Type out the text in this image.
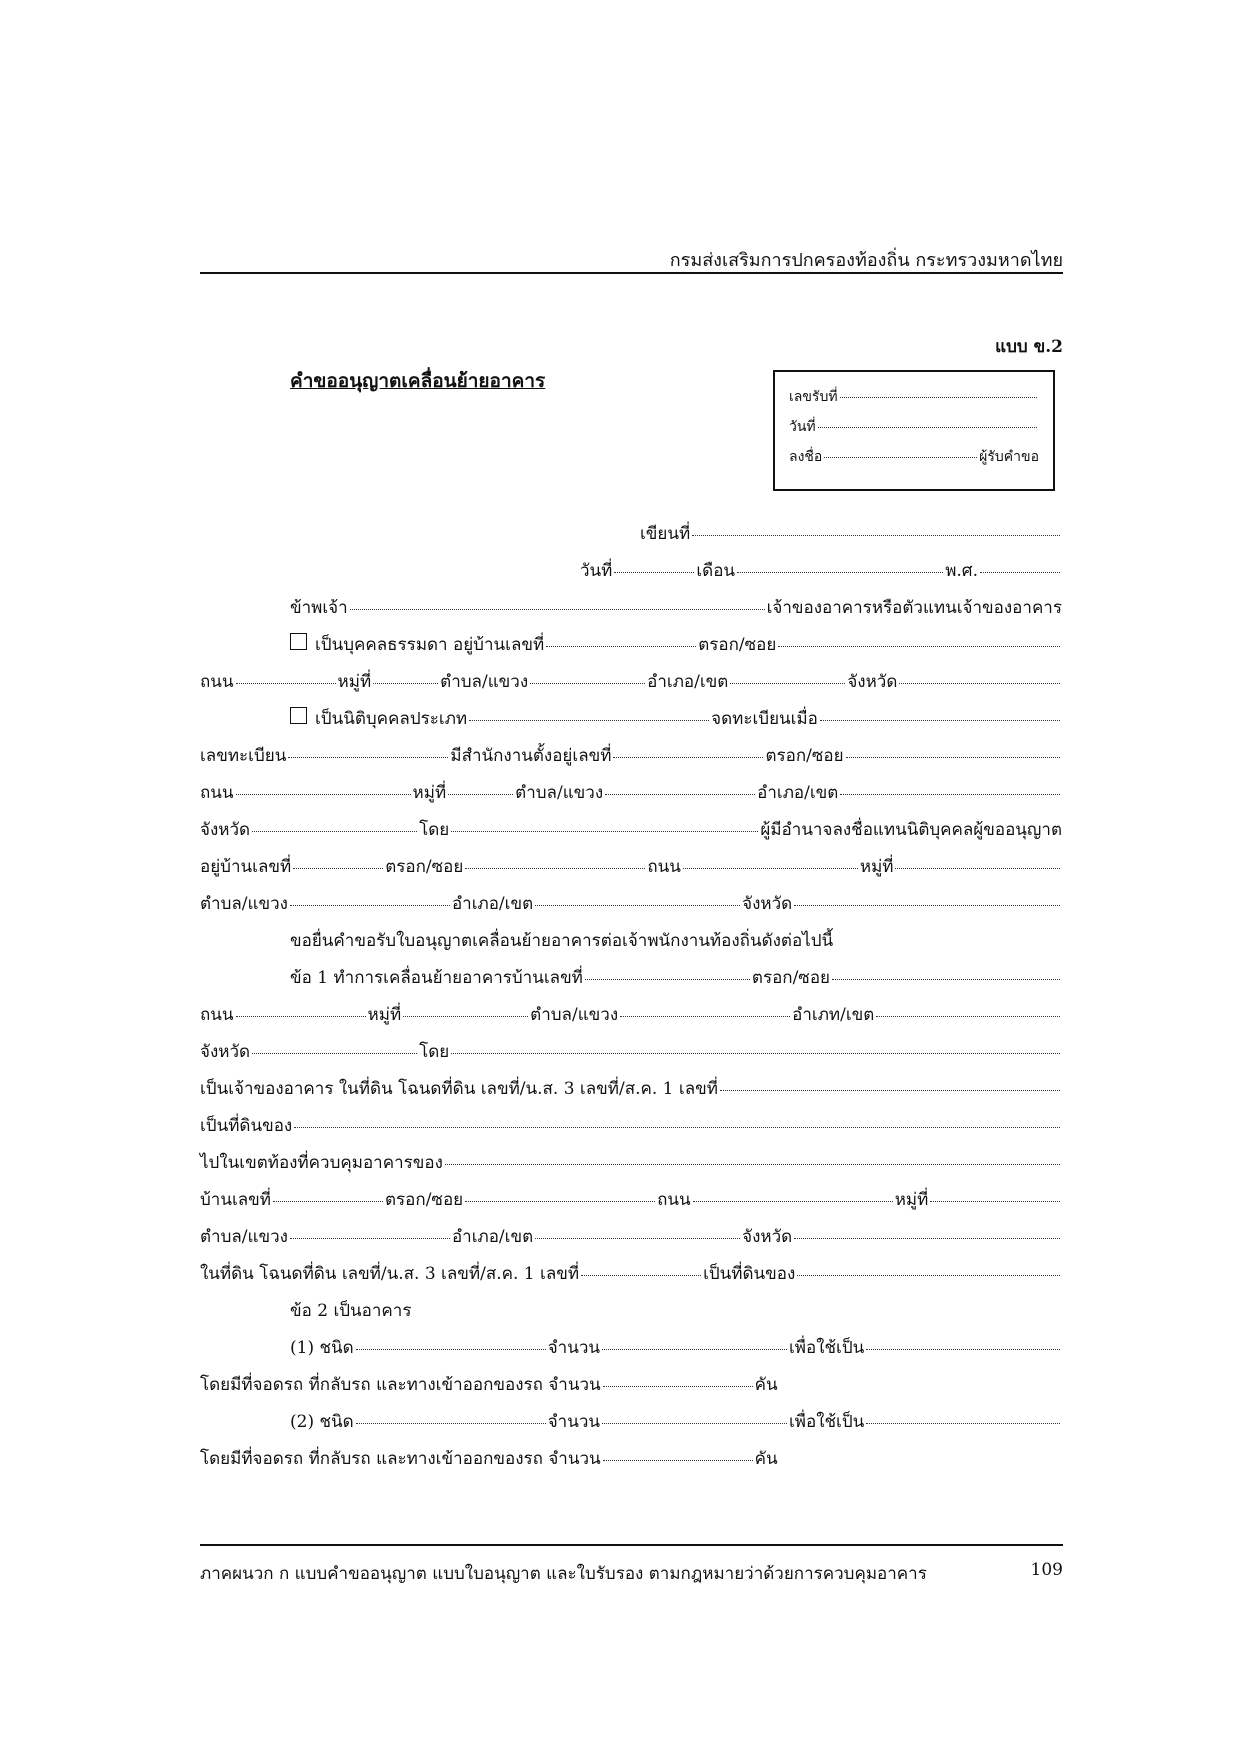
กรมส่งเสริมการปกครองท้องถิ่น กระทรวงมหาดไทย
แบบ ข.2
คำขออนุญาตเคลื่อนย้ายอาคาร
เลขรับที่
วันที่
ลงชื่อ	ผู้รับคำขอ
เขียนที่
วันที่	เดือน	พ.ศ.
ข้าพเจ้า	เจ้าของอาคารหรือตัวแทนเจ้าของอาคาร
เป็นบุคคลธรรมดา อยู่บ้านเลขที่	ตรอก/ซอย
ถนน	หมู่ที่	ตำบล/แขวง	อำเภอ/เขต	จังหวัด
เป็นนิติบุคคลประเภท	จดทะเบียนเมื่อ
เลขทะเบียน	มีสำนักงานตั้งอยู่เลขที่	ตรอก/ซอย
ถนน	หมู่ที่	ตำบล/แขวง	อำเภอ/เขต
จังหวัด	โดย	ผู้มีอำนาจลงชื่อแทนนิติบุคคลผู้ขออนุญาต
อยู่บ้านเลขที่	ตรอก/ซอย	ถนน	หมู่ที่
ตำบล/แขวง	อำเภอ/เขต	จังหวัด
ขอยื่นคำขอรับใบอนุญาตเคลื่อนย้ายอาคารต่อเจ้าพนักงานท้องถิ่นดังต่อไปนี้
ข้อ 1 ทำการเคลื่อนย้ายอาคารบ้านเลขที่	ตรอก/ซอย
ถนน	หมู่ที่	ตำบล/แขวง	อำเภท/เขต
จังหวัด	โดย
เป็นเจ้าของอาคาร ในที่ดิน โฉนดที่ดิน เลขที่/น.ส. 3 เลขที่/ส.ค. 1 เลขที่
เป็นที่ดินของ
ไปในเขตท้องที่ควบคุมอาคารของ
บ้านเลขที่	ตรอก/ซอย	ถนน	หมู่ที่
ตำบล/แขวง	อำเภอ/เขต	จังหวัด
ในที่ดิน โฉนดที่ดิน เลขที่/น.ส. 3 เลขที่/ส.ค. 1 เลขที่	เป็นที่ดินของ
ข้อ 2 เป็นอาคาร
(1) ชนิด	จำนวน	เพื่อใช้เป็น
โดยมีที่จอดรถ ที่กลับรถ และทางเข้าออกของรถ จำนวน	คัน
(2) ชนิด	จำนวน	เพื่อใช้เป็น
โดยมีที่จอดรถ ที่กลับรถ และทางเข้าออกของรถ จำนวน	คัน
ภาคผนวก ก แบบคำขออนุญาต แบบใบอนุญาต และใบรับรอง ตามกฎหมายว่าด้วยการควบคุมอาคาร	109
